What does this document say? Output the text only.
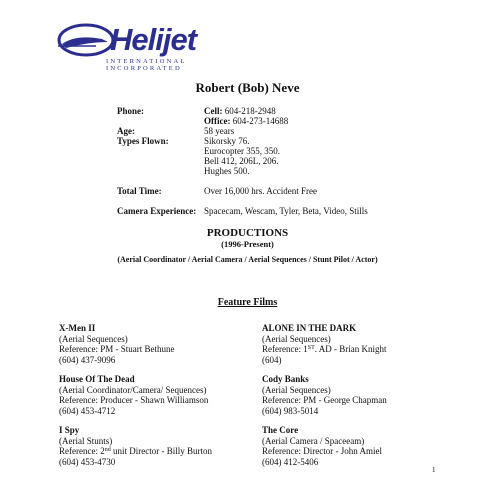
Helijet
INTERNATIONAL INCORPORATED
Robert (Bob) Neve
Phone:	Cell: 604-218-2948
Office: 604-273-14688
Age:	58 years
Types Flown:	Sikorsky 76.
Eurocopter 355, 350.
Bell 412, 206L, 206.
Hughes 500.
Total Time:	Over 16,000 hrs. Accident Free
Camera Experience: Spacecam, Wescam, Tyler, Beta, Video, Stills
PRODUCTIONS
(1996-Present)
(Aerial Coordinator / Aerial Camera / Aerial Sequences / Stunt Pilot / Actor)
Feature Films
X-Men II
(Aerial Sequences)
Reference: PM - Stuart Bethune
(604) 437-9096
House Of The Dead
(Aerial Coordinator/Camera/ Sequences)
Reference: Producer - Shawn Williamson
(604) 453-4712
I Spy
(Aerial Stunts)
Reference: 2nd unit Director - Billy Burton
(604) 453-4730
ALONE IN THE DARK
(Aerial Sequences)
Reference: 1ST. AD - Brian Knight
(604)
Cody Banks
(Aerial Sequences)
Reference: PM - George Chapman
(604) 983-5014
The Core
(Aerial Camera / Spaceeam)
Reference: Director - John Amiel
(604) 412-5406
1
